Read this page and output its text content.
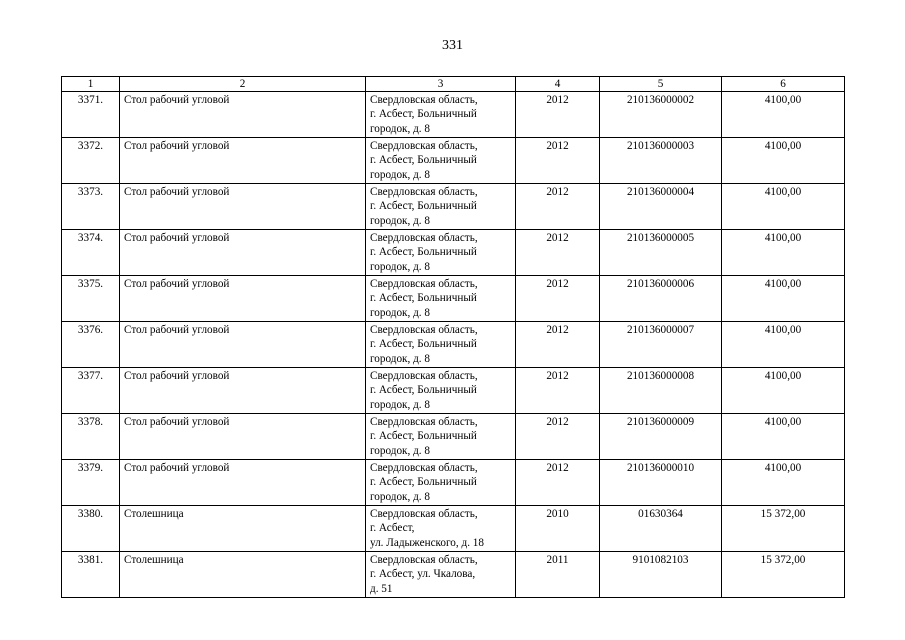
331
1	2	3	4	5	6
3371.	Стол рабочий угловой	Свердловская область,
г. Асбест, Больничный
городок, д. 8	2012	210136000002	4100,00
3372.	Стол рабочий угловой	Свердловская область,
г. Асбест, Больничный
городок, д. 8	2012	210136000003	4100,00
3373.	Стол рабочий угловой	Свердловская область,
г. Асбест, Больничный
городок, д. 8	2012	210136000004	4100,00
3374.	Стол рабочий угловой	Свердловская область,
г. Асбест, Больничный
городок, д. 8	2012	210136000005	4100,00
3375.	Стол рабочий угловой	Свердловская область,
г. Асбест, Больничный
городок, д. 8	2012	210136000006	4100,00
3376.	Стол рабочий угловой	Свердловская область,
г. Асбест, Больничный
городок, д. 8	2012	210136000007	4100,00
3377.	Стол рабочий угловой	Свердловская область,
г. Асбест, Больничный
городок, д. 8	2012	210136000008	4100,00
3378.	Стол рабочий угловой	Свердловская область,
г. Асбест, Больничный
городок, д. 8	2012	210136000009	4100,00
3379.	Стол рабочий угловой	Свердловская область,
г. Асбест, Больничный
городок, д. 8	2012	210136000010	4100,00
3380.	Столешница	Свердловская область,
г. Асбест,
ул. Ладыженского, д. 18	2010	01630364	15 372,00
3381.	Столешница	Свердловская область,
г. Асбест, ул. Чкалова,
д. 51	2011	9101082103	15 372,00
